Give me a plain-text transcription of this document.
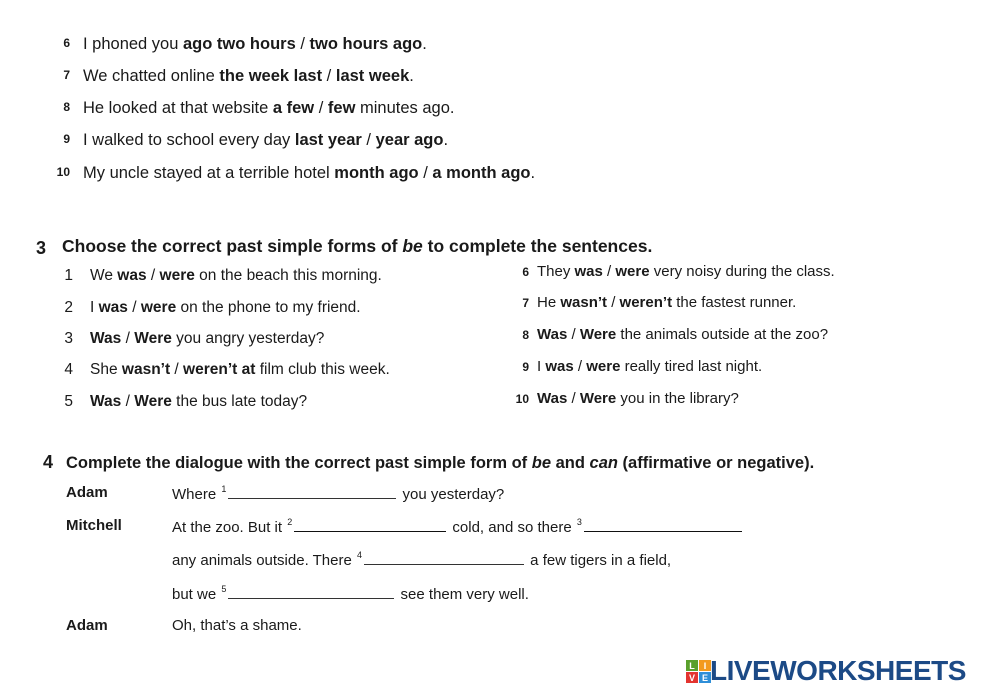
6 I phoned you ago two hours / two hours ago.
7 We chatted online the week last / last week.
8 He looked at that website a few / few minutes ago.
9 I walked to school every day last year / year ago.
10 My uncle stayed at a terrible hotel month ago / a month ago.
3 Choose the correct past simple forms of be to complete the sentences.
1 We was / were on the beach this morning.
2 I was / were on the phone to my friend.
3 Was / Were you angry yesterday?
4 She wasn’t / weren’t at film club this week.
5 Was / Were the bus late today?
6 They was / were very noisy during the class.
7 He wasn’t / weren’t the fastest runner.
8 Was / Were the animals outside at the zoo?
9 I was / were really tired last night.
10 Was / Were you in the library?
4 Complete the dialogue with the correct past simple form of be and can (affirmative or negative).
Adam	Where $^1$	you yesterday?
Mitchell	At the zoo. But it $^2$	cold, and so there $^3$
any animals outside. There $^4$	a few tigers in a field,
but we $^5$	see them very well.
Adam	Oh, that’s a shame.
L I
V E LIVEWORKSHEETS
